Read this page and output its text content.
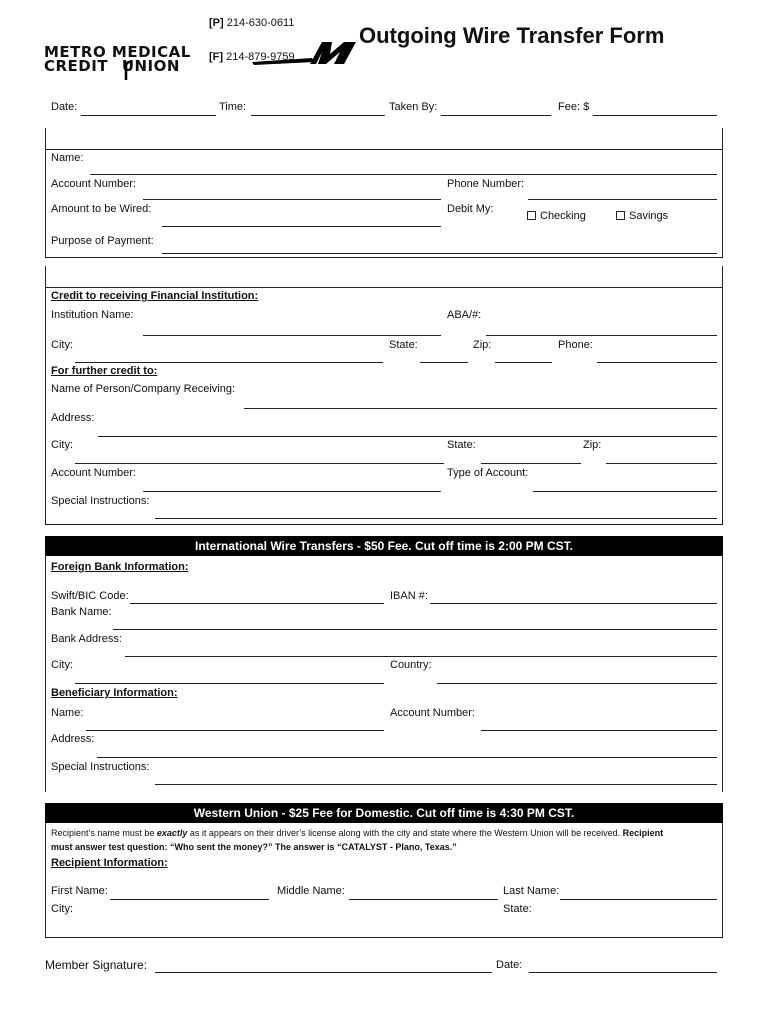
METRO MEDICAL
CREDIT UNION
[P] 214-630-0611
[F] 214-879-9759
Outgoing Wire Transfer Form
Date:	Time:	Taken By:	Fee: $
Name:
Account Number:	Phone Number:
Amount to be Wired:	Debit My:
Checking	Savings
Purpose of Payment:
Credit to receiving Financial Institution:
Institution Name:	ABA/#:
City:	State:	Zip:	Phone:
For further credit to:
Name of Person/Company Receiving:
Address:
City:	State:	Zip:
Account Number:	Type of Account:
Special Instructions:
International Wire Transfers - $50 Fee. Cut off time is 2:00 PM CST.
Foreign Bank Information:
Swift/BIC Code:	IBAN #:
Bank Name:
Bank Address:
City:	Country:
Beneficiary Information:
Name:	Account Number:
Address:
Special Instructions:
Western Union - $25 Fee for Domestic. Cut off time is 4:30 PM CST.
Recipient’s name must be exactly as it appears on their driver’s license along with the city and state where the Western Union will be received. Recipient
must answer test question: “Who sent the money?” The answer is “CATALYST - Plano, Texas.”
Recipient Information:
First Name:	Middle Name:	Last Name:
City:	State:
Member Signature:	Date:
